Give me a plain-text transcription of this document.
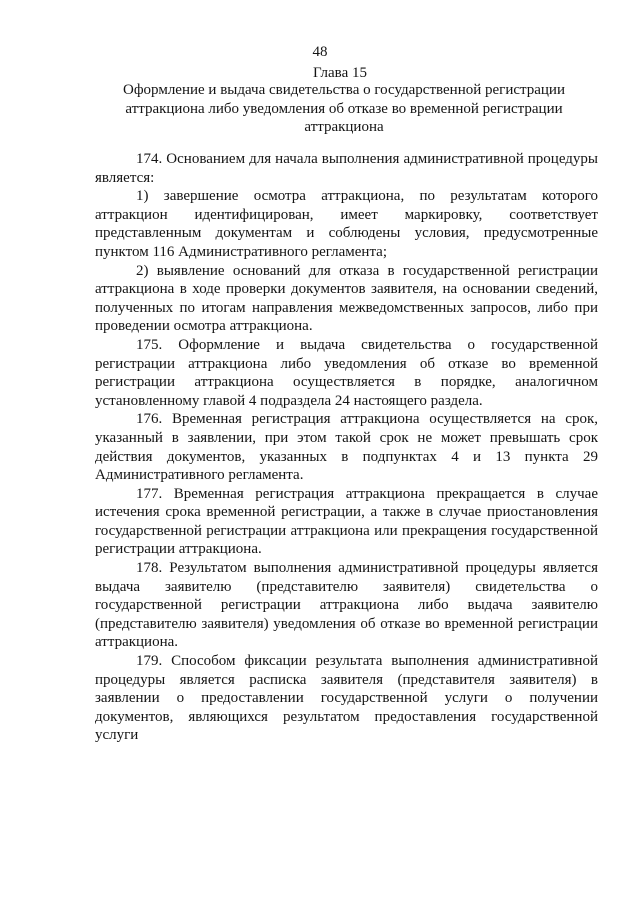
48
Глава 15
Оформление и выдача свидетельства о государственной регистрации аттракциона либо уведомления об отказе во временной регистрации аттракциона

174. Основанием для начала выполнения административной процедуры является:

1) завершение осмотра аттракциона, по результатам которого аттракцион идентифицирован, имеет маркировку, соответствует представленным документам и соблюдены условия, предусмотренные пунктом 116 Административного регламента;

2) выявление оснований для отказа в государственной регистрации аттракциона в ходе проверки документов заявителя, на основании сведений, полученных по итогам направления межведомственных запросов, либо при проведении осмотра аттракциона.

175. Оформление и выдача свидетельства о государственной регистрации аттракциона либо уведомления об отказе во временной регистрации аттракциона осуществляется в порядке, аналогичном установленному главой 4 подраздела 24 настоящего раздела.

176. Временная регистрация аттракциона осуществляется на срок, указанный в заявлении, при этом такой срок не может превышать срок действия документов, указанных в подпунктах 4 и 13 пункта 29 Административного регламента.

177. Временная регистрация аттракциона прекращается в случае истечения срока временной регистрации, а также в случае приостановления государственной регистрации аттракциона или прекращения государственной регистрации аттракциона.

178. Результатом выполнения административной процедуры является выдача заявителю (представителю заявителя) свидетельства о государственной регистрации аттракциона либо выдача заявителю (представителю заявителя) уведомления об отказе во временной регистрации аттракциона.

179. Способом фиксации результата выполнения административной процедуры является расписка заявителя (представителя заявителя) в заявлении о предоставлении государственной услуги о получении документов, являющихся результатом предоставления государственной услуги
